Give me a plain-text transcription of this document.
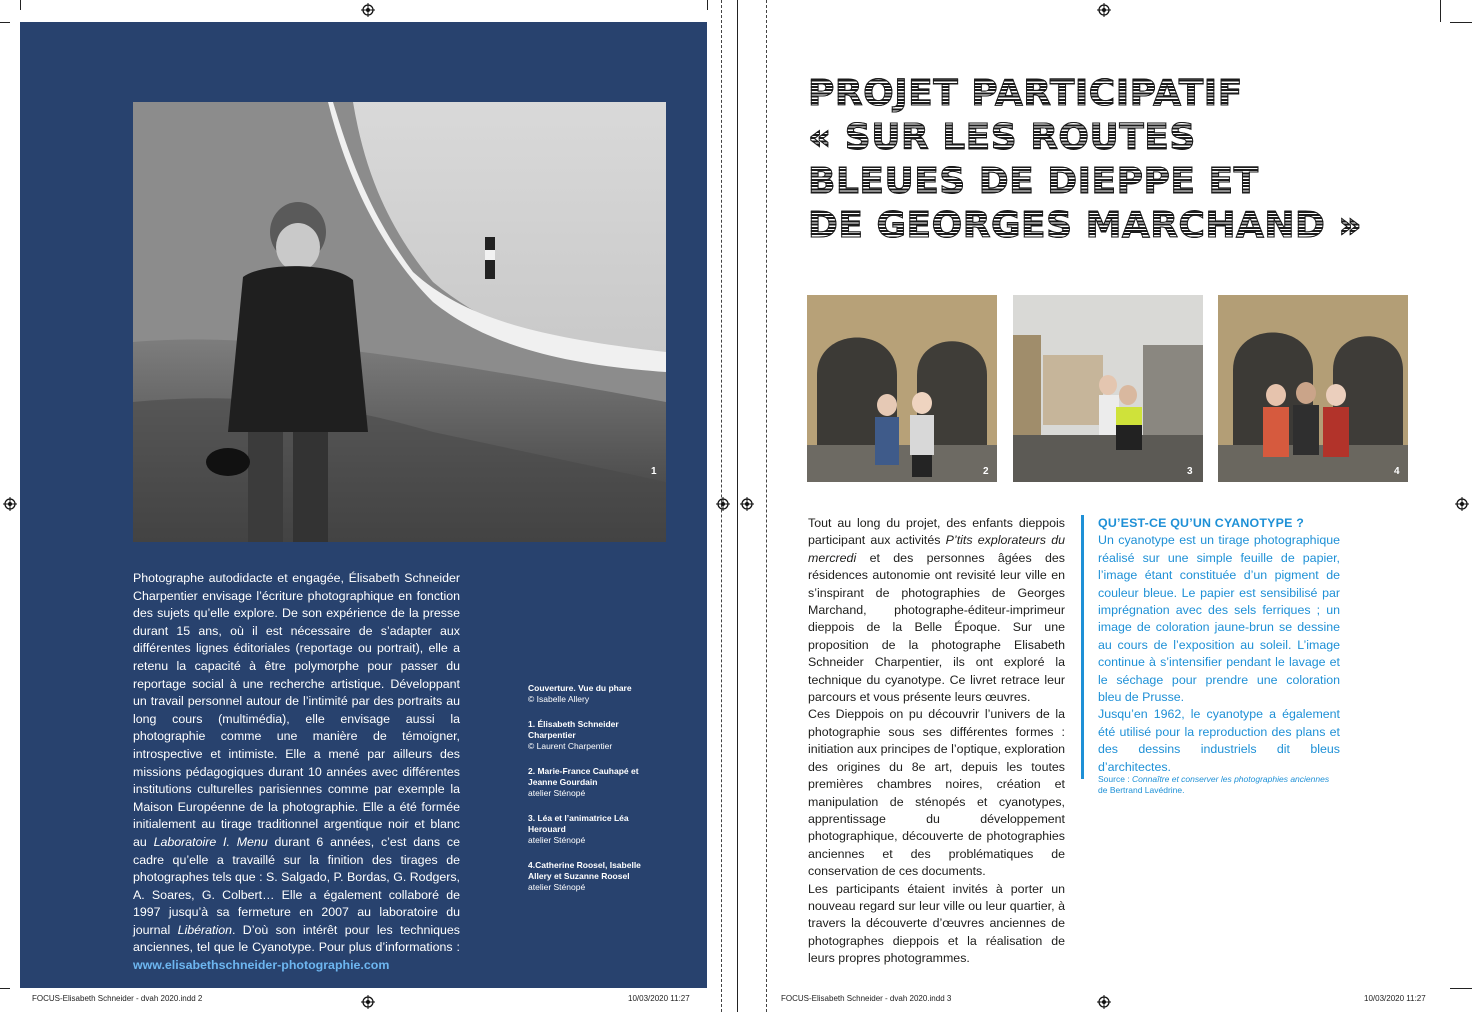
1
Photographe autodidacte et engagée, Élisabeth Schneider Charpentier envisage l’écriture photographique en fonction des sujets qu’elle explore. De son expérience de la presse durant 15 ans, où il est nécessaire de s’adapter aux différentes lignes éditoriales (reportage ou portrait), elle a retenu la capacité à être polymorphe pour passer du reportage social à une recherche artistique. Développant un travail personnel autour de l’intimité par des portraits au long cours (multimédia), elle envisage aussi la photographie comme une manière de témoigner, introspective et intimiste. Elle a mené par ailleurs des missions pédagogiques durant 10 années avec différentes institutions culturelles parisiennes comme par exemple la Maison Européenne de la photographie. Elle a été formée initialement au tirage traditionnel argentique noir et blanc au Laboratoire I. Menu durant 6 années, c’est dans ce cadre qu’elle a travaillé sur la finition des tirages de photographes tels que : S. Salgado, P. Bordas, G. Rodgers, A. Soares, G. Colbert… Elle a également collaboré de 1997 jusqu’à sa fermeture en 2007 au laboratoire du journal Libération. D’où son intérêt pour les techniques anciennes, tel que le Cyanotype. Pour plus d’informations : www.elisabethschneider-photographie.com
Couverture. Vue du phare
© Isabelle Allery
1. Élisabeth Schneider Charpentier
© Laurent Charpentier
2. Marie-France Cauhapé et Jeanne Gourdain
atelier Sténopé
3. Léa et l’animatrice Léa Herouard
atelier Sténopé
4.Catherine Roosel, Isabelle Allery et Suzanne Roosel
atelier Sténopé
PROJET PARTICIPATIF
« SUR LES ROUTES
BLEUES DE DIEPPE ET
DE GEORGES MARCHAND »
2	3	4

Tout au long du projet, des enfants dieppois participant aux activités P’tits explorateurs du mercredi et des personnes âgées des résidences autonomie ont revisité leur ville en s’inspirant de photographies de Georges Marchand, photographe-éditeur-imprimeur dieppois de la Belle Époque. Sur une proposition de la photographe Elisabeth Schneider Charpentier, ils ont exploré la technique du cyanotype. Ce livret retrace leur parcours et vous présente leurs œuvres.

Ces Dieppois on pu découvrir l’univers de la photographie sous ses différentes formes : initiation aux principes de l’optique, exploration des origines du 8e art, depuis les toutes premières chambres noires, création et manipulation de sténopés et cyanotypes, apprentissage du développement photographique, découverte de photographies anciennes et des problématiques de conservation de ces documents.

Les participants étaient invités à porter un nouveau regard sur leur ville ou leur quartier, à travers la découverte d’œuvres anciennes de photographes dieppois et la réalisation de leurs propres photogrammes.

QU’EST-CE QU’UN CYANOTYPE ?

Un cyanotype est un tirage photographique réalisé sur une simple feuille de papier, l’image étant constituée d’un pigment de couleur bleue. Le papier est sensibilisé par imprégnation avec des sels ferriques ; un image de coloration jaune-brun se dessine au cours de l’exposition au soleil. L’image continue à s’intensifier pendant le lavage et le séchage pour prendre une coloration bleu de Prusse.

Jusqu’en 1962, le cyanotype a également été utilisé pour la reproduction des plans et des dessins industriels dit bleus d’architectes.

Source : Connaître et conserver les photographies anciennes de Bertrand Lavédrine.
FOCUS-Elisabeth Schneider - dvah 2020.indd 2	10/03/2020 11:27	FOCUS-Elisabeth Schneider - dvah 2020.indd 3	10/03/2020 11:27
